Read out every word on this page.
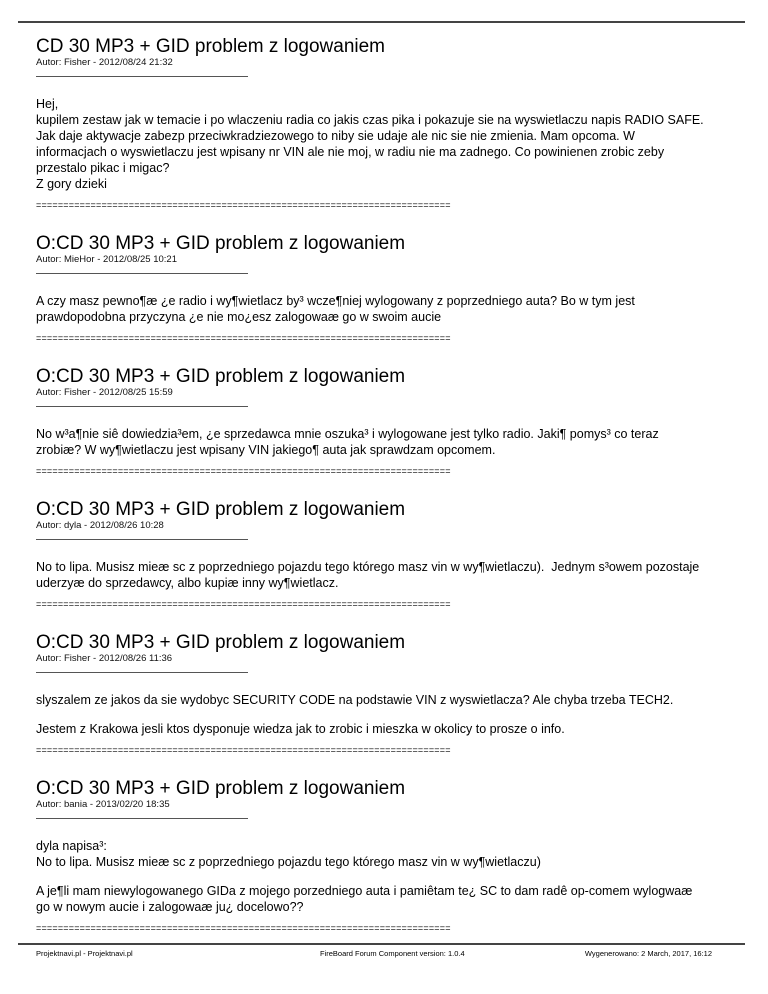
CD 30 MP3 + GID problem z logowaniem
Autor: Fisher - 2012/08/24 21:32

Hej,
kupilem zestaw jak w temacie i po wlaczeniu radia co jakis czas pika i pokazuje sie na wyswietlaczu napis RADIO SAFE.
Jak daje aktywacje zabezp przeciwkradziezowego to niby sie udaje ale nic sie nie zmienia. Mam opcoma. W
informacjach o wyswietlaczu jest wpisany nr VIN ale nie moj, w radiu nie ma zadnego. Co powinienen zrobic zeby
przestalo pikac i migac?
Z gory dzieki

============================================================================
O:CD 30 MP3 + GID problem z logowaniem
Autor: MieHor - 2012/08/25 10:21

A czy masz pewno¶æ ¿e radio i wy¶wietlacz by³ wcze¶niej wylogowany z poprzedniego auta? Bo w tym jest
prawdopodobna przyczyna ¿e nie mo¿esz zalogowaæ go w swoim aucie

============================================================================
O:CD 30 MP3 + GID problem z logowaniem
Autor: Fisher - 2012/08/25 15:59

No w³a¶nie siê dowiedzia³em, ¿e sprzedawca mnie oszuka³ i wylogowane jest tylko radio. Jaki¶ pomys³ co teraz
zrobiæ? W wy¶wietlaczu jest wpisany VIN jakiego¶ auta jak sprawdzam opcomem.

============================================================================
O:CD 30 MP3 + GID problem z logowaniem
Autor: dyla - 2012/08/26 10:28

No to lipa. Musisz mieæ sc z poprzedniego pojazdu tego którego masz vin w wy¶wietlaczu).  Jednym s³owem pozostaje
uderzyæ do sprzedawcy, albo kupiæ inny wy¶wietlacz.

============================================================================
O:CD 30 MP3 + GID problem z logowaniem
Autor: Fisher - 2012/08/26 11:36

slyszalem ze jakos da sie wydobyc SECURITY CODE na podstawie VIN z wyswietlacza? Ale chyba trzeba TECH2.

Jestem z Krakowa jesli ktos dysponuje wiedza jak to zrobic i mieszka w okolicy to prosze o info.

============================================================================
O:CD 30 MP3 + GID problem z logowaniem
Autor: bania - 2013/02/20 18:35

dyla napisa³:
No to lipa. Musisz mieæ sc z poprzedniego pojazdu tego którego masz vin w wy¶wietlaczu)

A je¶li mam niewylogowanego GIDa z mojego porzedniego auta i pamiêtam te¿ SC to dam radê op-comem wylogwaæ
go w nowym aucie i zalogowaæ ju¿ docelowo??

============================================================================
Projektnavi.pl - Projektnavi.pl	FireBoard Forum Component version: 1.0.4	Wygenerowano: 2 March, 2017, 16:12
